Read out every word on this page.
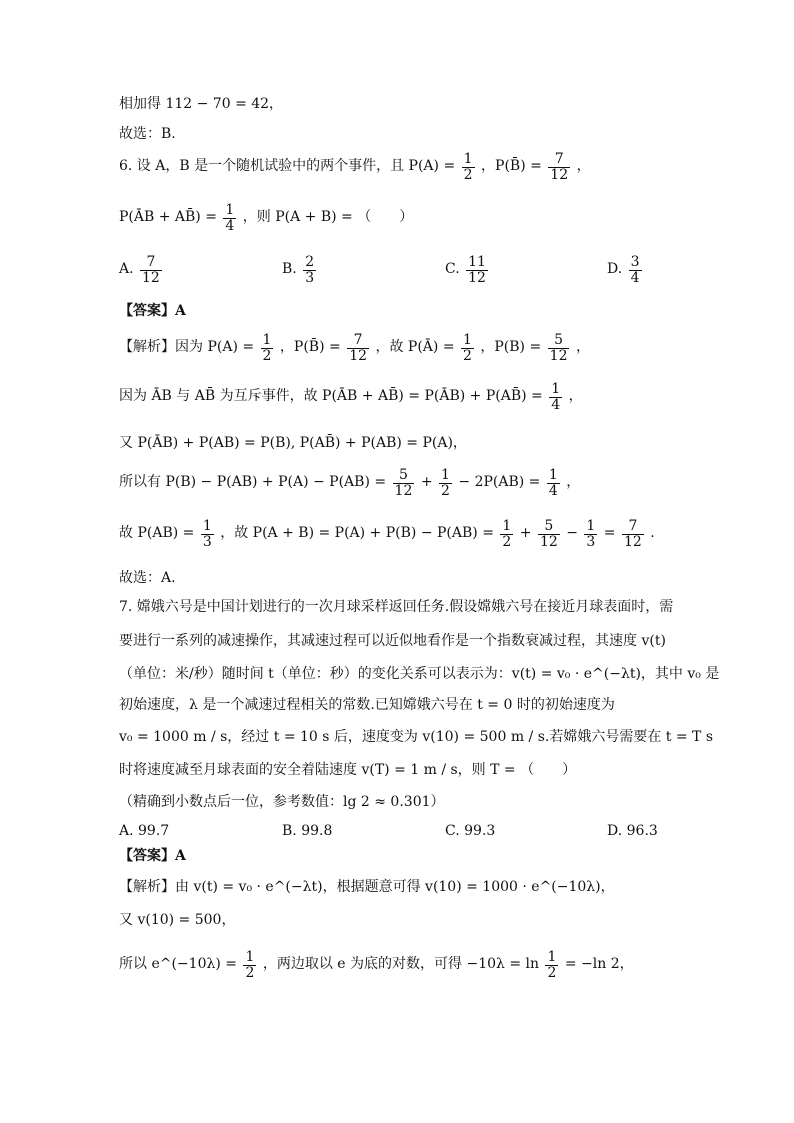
相加得 112 − 70 = 42，
故选：B.
6. 设 A，B 是一个随机试验中的两个事件，且 $P(A) = \frac{1}{2}$ ，P(B̄) = $\frac{7}{12}$ ，
P(ĀB + AB̄) = $\frac{1}{4}$ ，则 P(A + B) = （　　）
A. $\frac{7}{12}$	B. $\frac{2}{3}$	C. $\frac{11}{12}$	D. $\frac{3}{4}$
【答案】A
【解析】因为 $P(A) = \frac{1}{2}$ ，P(B̄) = $\frac{7}{12}$ ，故 P(Ā) = $\frac{1}{2}$ ，$P(B) = \frac{5}{12}$ ，
因为 ĀB 与 AB̄ 为互斥事件，故 P(ĀB + AB̄) = P(ĀB) + P(AB̄) = $\frac{1}{4}$ ，
又 P(ĀB) + P(AB) = P(B), P(AB̄) + P(AB) = P(A)，
所以有 $P(B) - P(AB) + P(A) - P(AB) = \frac{5}{12} + \frac{1}{2} - 2P(AB) = \frac{1}{4}$ ，
故 $P(AB) = \frac{1}{3}$ ，故 $P(A + B) = P(A) + P(B) - P(AB) = \frac{1}{2} + \frac{5}{12} - \frac{1}{3} = \frac{7}{12}$ .
故选：A.
7. 嫦娥六号是中国计划进行的一次月球采样返回任务.假设嫦娥六号在接近月球表面时，需
要进行一系列的减速操作，其减速过程可以近似地看作是一个指数衰减过程，其速度 v(t)
（单位：米/秒）随时间 t（单位：秒）的变化关系可以表示为：v(t) = v₀ · e^(−λt)，其中 v₀ 是
初始速度，λ 是一个减速过程相关的常数.已知嫦娥六号在 t = 0 时的初始速度为
v₀ = 1000 m / s，经过 t = 10 s 后，速度变为 v(10) = 500 m / s.若嫦娥六号需要在 t = T s
时将速度减至月球表面的安全着陆速度 v(T) = 1 m / s，则 T = （　　）
（精确到小数点后一位，参考数值：lg 2 ≈ 0.301）
A. 99.7	B. 99.8	C. 99.3	D. 96.3
【答案】A
【解析】由 v(t) = v₀ · e^(−λt)，根据题意可得 v(10) = 1000 · e^(−10λ)，
又 v(10) = 500，
所以 e^(−10λ) = $\frac{1}{2}$ ，两边取以 e 为底的对数，可得 $-10\lambda = \ln \frac{1}{2} = -\ln$ 2，
